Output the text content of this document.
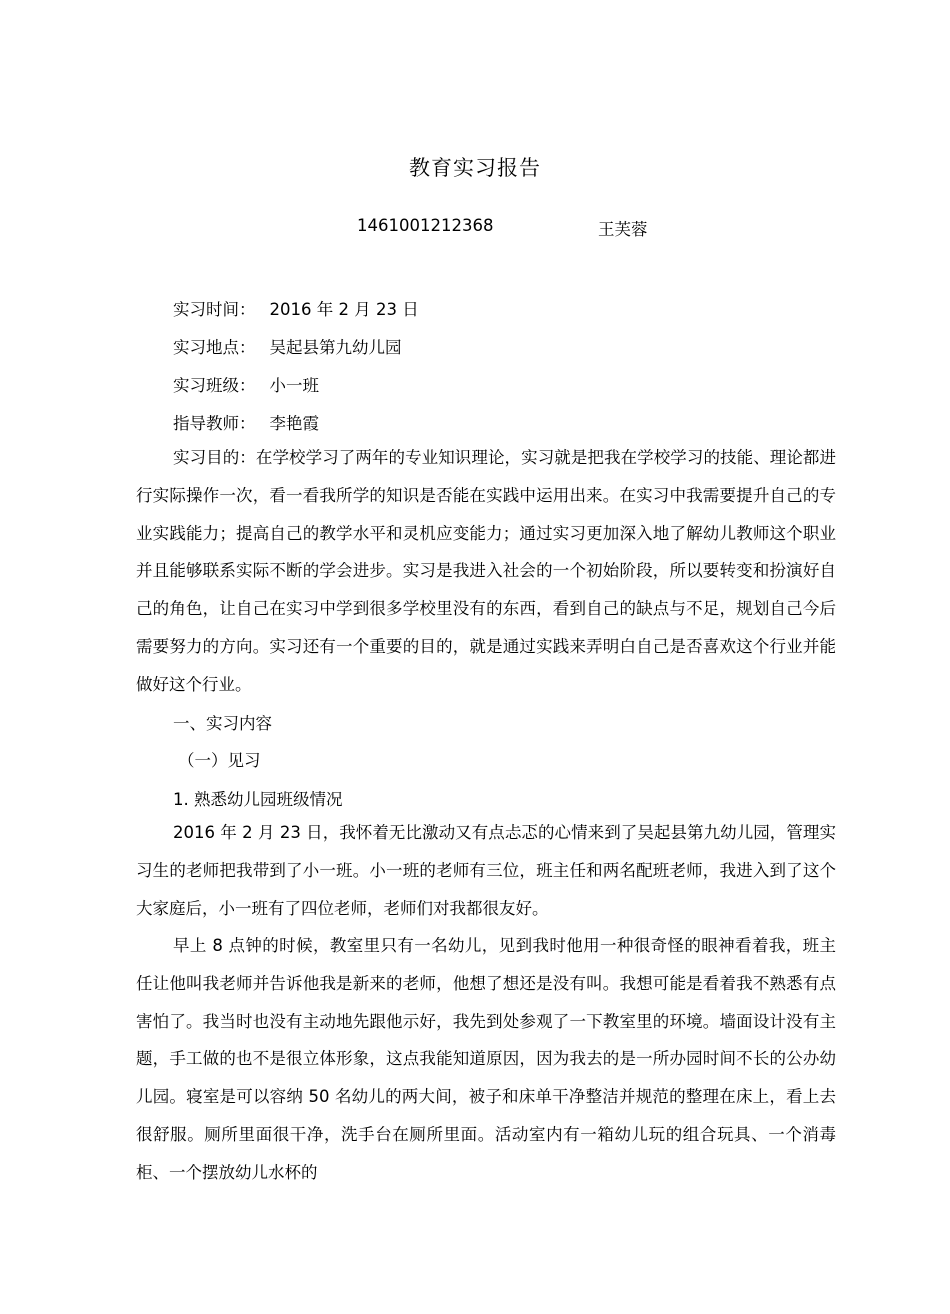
教育实习报告
1461001212368	王芙蓉
实习时间： 2016 年 2 月 23 日
实习地点： 吴起县第九幼儿园
实习班级： 小一班
指导教师： 李艳霞
实习目的：在学校学习了两年的专业知识理论，实习就是把我在学校学习的技能、理论都进行实际操作一次，看一看我所学的知识是否能在实践中运用出来。在实习中我需要提升自己的专业实践能力；提高自己的教学水平和灵机应变能力；通过实习更加深入地了解幼儿教师这个职业并且能够联系实际不断的学会进步。实习是我进入社会的一个初始阶段，所以要转变和扮演好自己的角色，让自己在实习中学到很多学校里没有的东西，看到自己的缺点与不足，规划自己今后需要努力的方向。实习还有一个重要的目的，就是通过实践来弄明白自己是否喜欢这个行业并能做好这个行业。
一、实习内容
（一）见习
1. 熟悉幼儿园班级情况
2016 年 2 月 23 日，我怀着无比激动又有点忐忑的心情来到了吴起县第九幼儿园，管理实习生的老师把我带到了小一班。小一班的老师有三位，班主任和两名配班老师，我进入到了这个大家庭后，小一班有了四位老师，老师们对我都很友好。
早上 8 点钟的时候，教室里只有一名幼儿，见到我时他用一种很奇怪的眼神看着我，班主任让他叫我老师并告诉他我是新来的老师，他想了想还是没有叫。我想可能是看着我不熟悉有点害怕了。我当时也没有主动地先跟他示好，我先到处参观了一下教室里的环境。墙面设计没有主题，手工做的也不是很立体形象，这点我能知道原因，因为我去的是一所办园时间不长的公办幼儿园。寝室是可以容纳 50 名幼儿的两大间，被子和床单干净整洁并规范的整理在床上，看上去很舒服。厕所里面很干净，洗手台在厕所里面。活动室内有一箱幼儿玩的组合玩具、一个消毒柜、一个摆放幼儿水杯的
